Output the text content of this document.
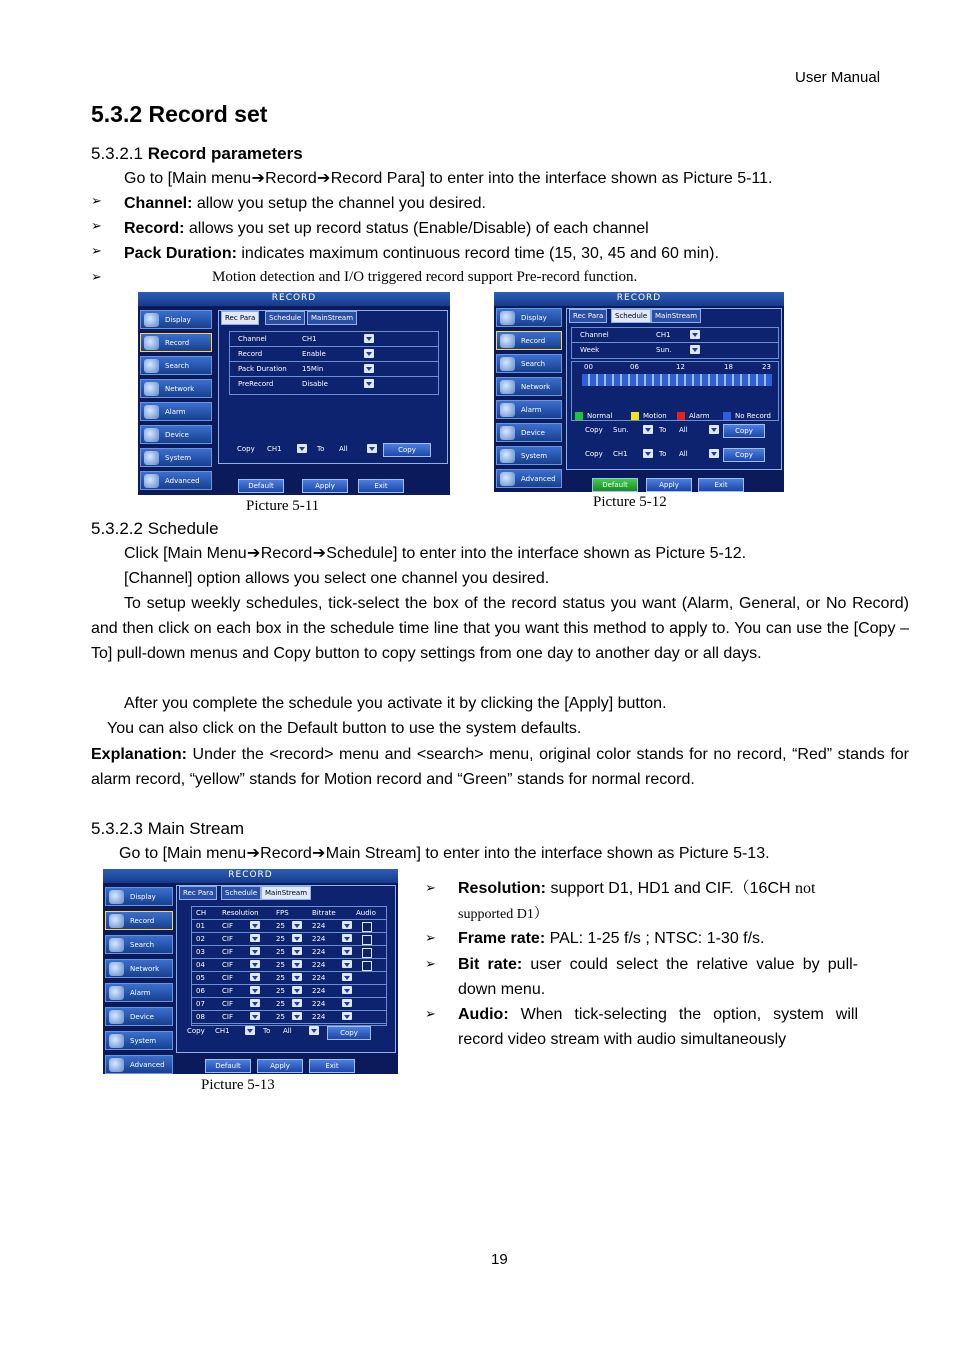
User Manual
5.3.2 Record set
5.3.2.1 Record parameters
Go to [Main menu➔Record➔Record Para] to enter into the interface shown as Picture 5-11.
➢ Channel: allow you setup the channel you desired.
➢ Record: allows you set up record status (Enable/Disable) of each channel
➢ Pack Duration: indicates maximum continuous record time (15, 30, 45 and 60 min).
➢	Motion detection and I/O triggered record support Pre-record function.
RECORD
Display
Record
Search
Network
Alarm
Device
System
Advanced
Rec Para	Schedule	MainStream
Channel	CH1
Record	Enable
Pack Duration 15Min
PreRecord	Disable
Copy CH1	To All	Copy
Default	Apply	Exit
Picture 5-11
RECORD
Display
Record
Search
Network
Alarm
Device
System
Advanced
Rec Para	Schedule	MainStream
Channel	CH1
Week	Sun.
00	06	12	18	23
Normal	Motion	Alarm	No Record
Copy Sun.	To All	Copy
Copy CH1	To All	Copy
Default	Apply	Exit
Picture 5-12
5.3.2.2 Schedule
Click [Main Menu➔Record➔Schedule] to enter into the interface shown as Picture 5-12.
[Channel] option allows you select one channel you desired.
To setup weekly schedules, tick-select the box of the record status you want (Alarm, General, or No Record) and then click on each box in the schedule time line that you want this method to apply to. You can use the [Copy – To] pull-down menus and Copy button to copy settings from one day to another day or all days.
After you complete the schedule you activate it by clicking the [Apply] button.
You can also click on the Default button to use the system defaults.
Explanation: Under the <record> menu and <search> menu, original color stands for no record, “Red” stands for alarm record, “yellow” stands for Motion record and “Green” stands for normal record.
5.3.2.3 Main Stream
Go to [Main menu➔Record➔Main Stream] to enter into the interface shown as Picture 5-13.
RECORD
Display
Record
Search
Network
Alarm
Device
System
Advanced
Rec Para	Schedule	MainStream
CH Resolution FPS	Bitrate	Audio
01 CIF	25	224
02 CIF	25	224
03 CIF	25	224
04 CIF	25	224
05 CIF	25	224
06 CIF	25	224
07 CIF	25	224
08 CIF	25	224
Copy CH1	To All	Copy
Default	Apply	Exit
Picture 5-13
➢ Resolution: support D1, HD1 and CIF.（16CH not
supported D1）
➢ Frame rate: PAL: 1-25 f/s ; NTSC: 1-30 f/s.
➢ Bit rate: user could select the relative value by pull-down menu.
➢ Audio: When tick-selecting the option, system will record video stream with audio simultaneously
19
